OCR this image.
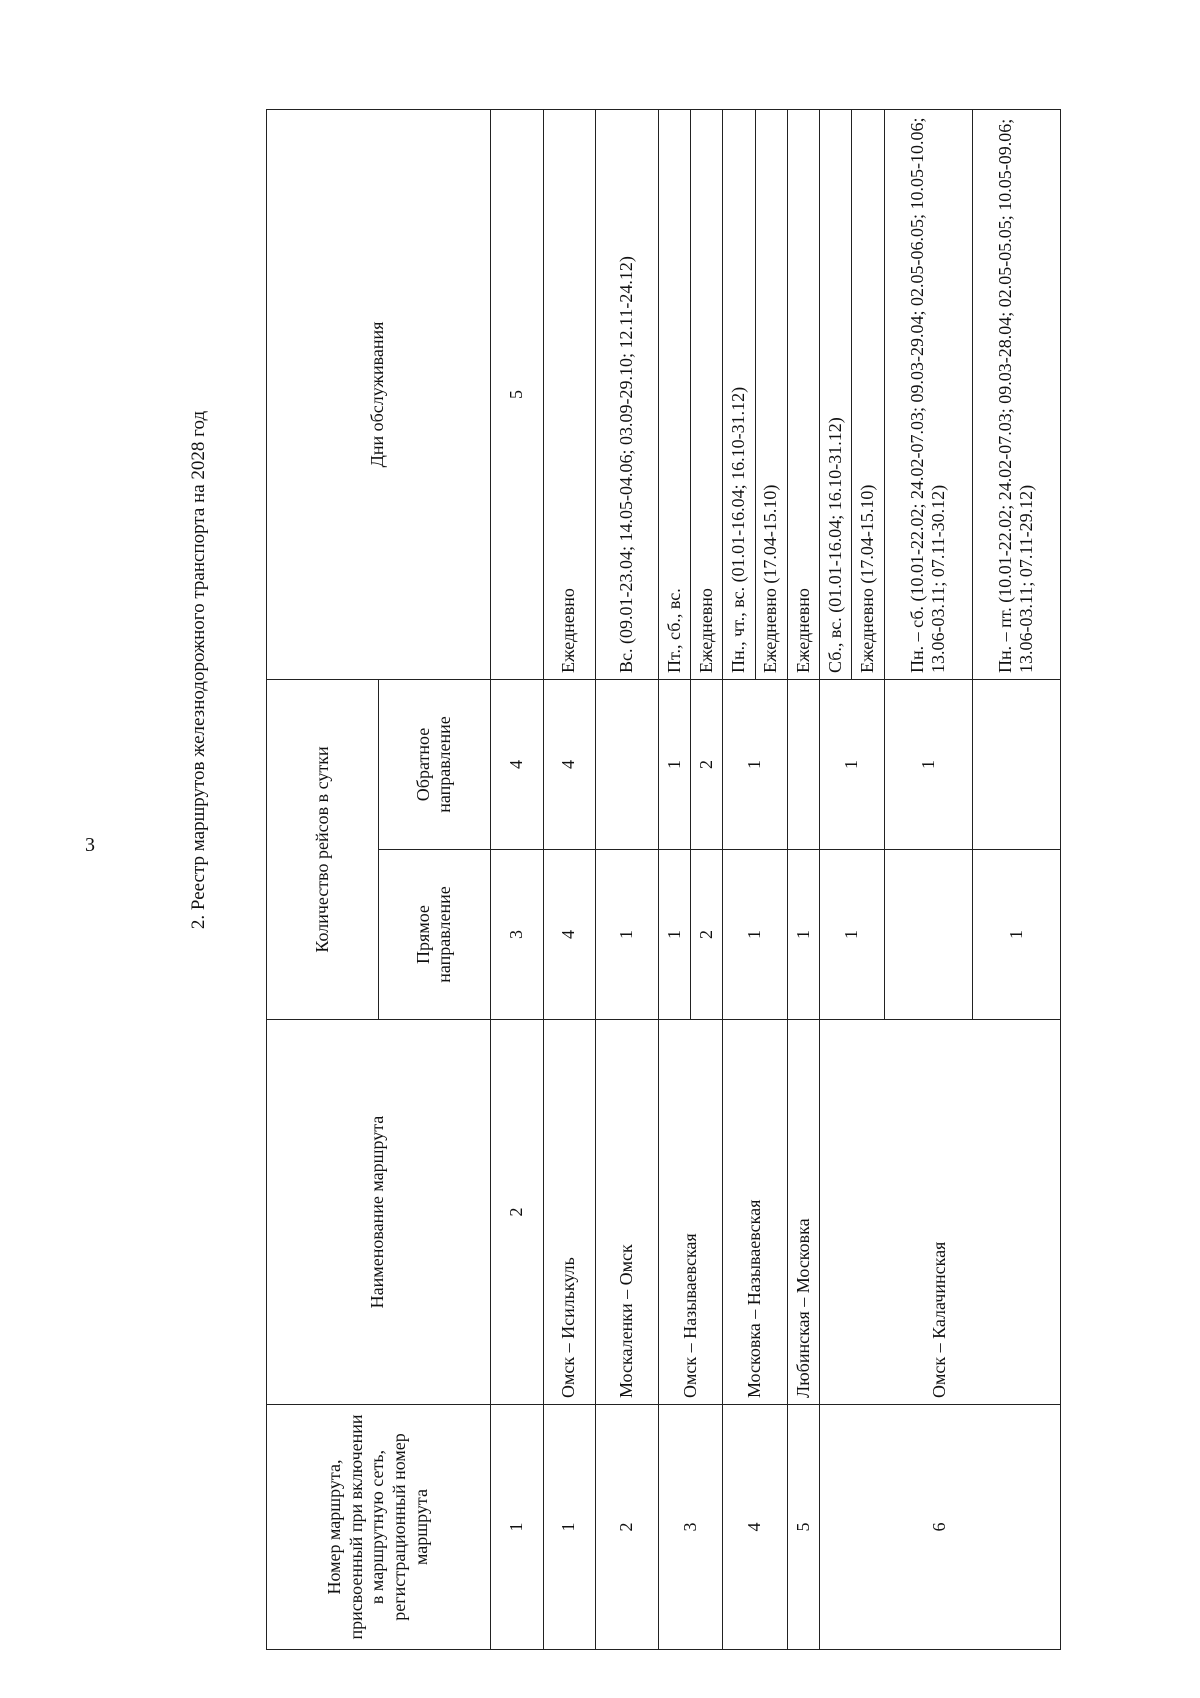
3	2. Реестр маршрутов железнодорожного транспорта на 2028 год
Номер маршрута, присвоенный при включении в маршрутную сеть, регистрационный номер маршрута	Наименование маршрута	Количество рейсов в сутки		Дни обслуживания
		Прямое направление	Обратное направление	
1	2	3	4	5
1	Омск – Исилькуль	4	4	Ежедневно
2	Москаленки – Омск	1		Вс. (09.01-23.04; 14.05-04.06; 03.09-29.10; 12.11-24.12)
3	Омск – Называевская	1	1	Пт., сб., вс.
		2	2	Ежедневно
4	Московка – Называевская	1	1	Пн., чт., вс. (01.01-16.04; 16.10-31.12)
				Ежедневно (17.04-15.10)
5	Любинская – Московка	1		Ежедневно
6	Омск – Калачинская	1	1	Сб., вс. (01.01-16.04; 16.10-31.12)
				Ежедневно (17.04-15.10)
			1	Пн. – сб. (10.01-22.02; 24.02-07.03; 09.03-29.04; 02.05-06.05; 10.05-10.06; 13.06-03.11; 07.11-30.12)
		1		Пн. – пт. (10.01-22.02; 24.02-07.03; 09.03-28.04; 02.05-05.05; 10.05-09.06; 13.06-03.11; 07.11-29.12)
